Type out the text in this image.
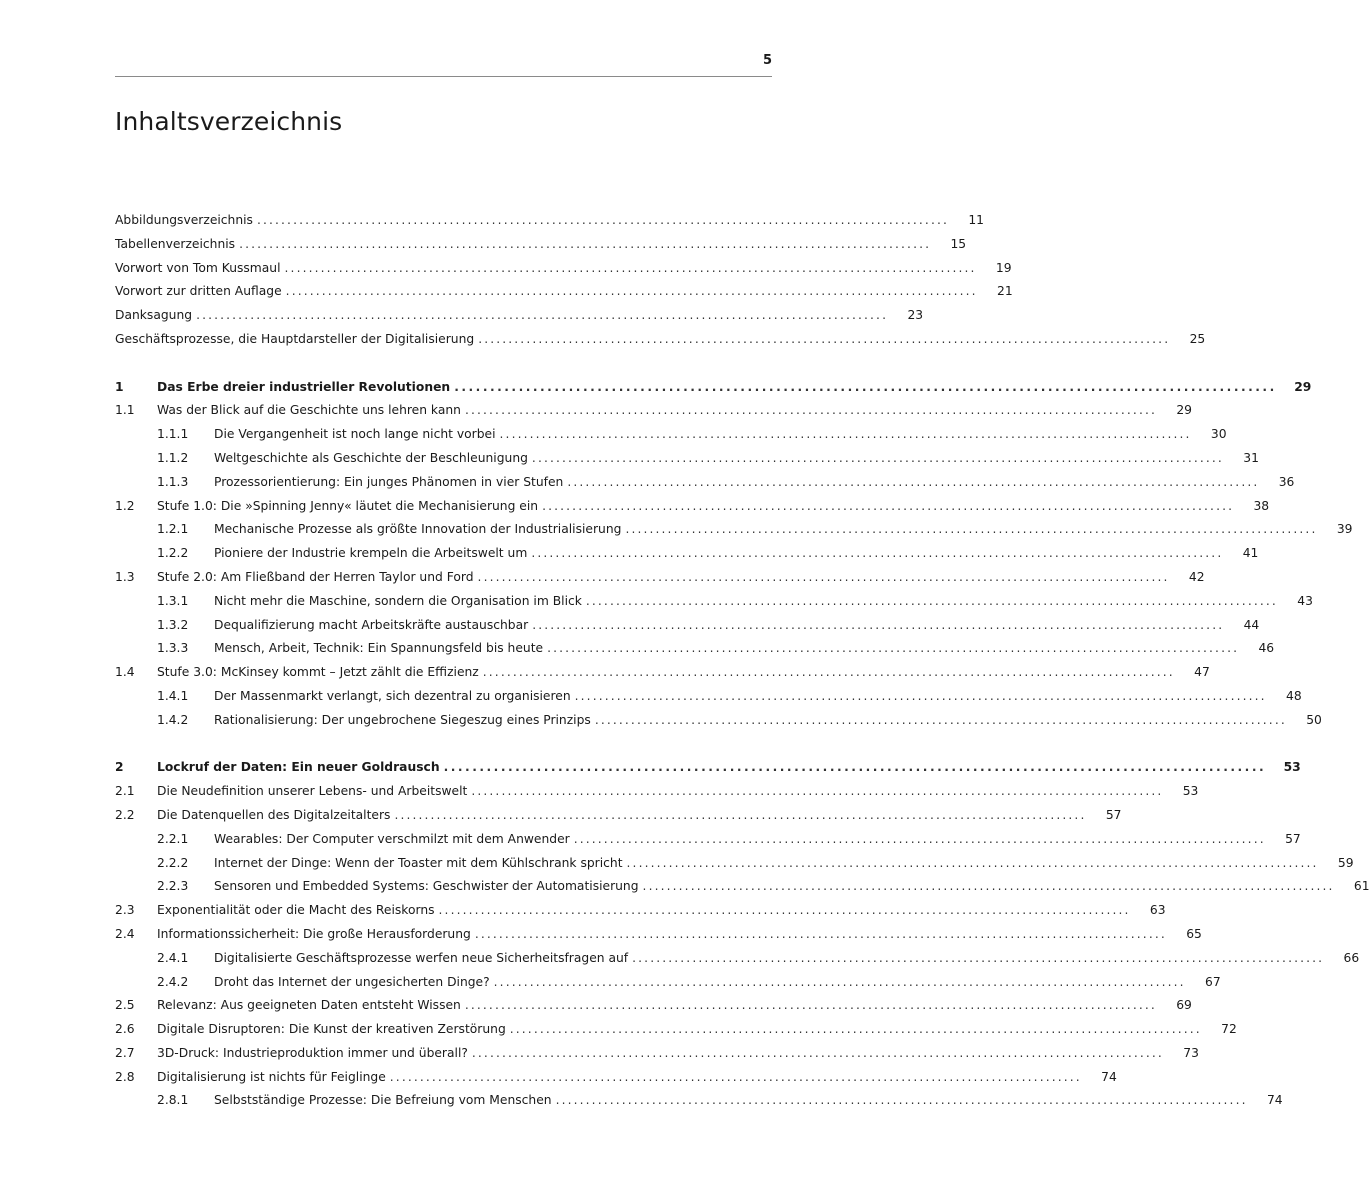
5
Inhaltsverzeichnis
Abbildungsverzeichnis . . .	11
Tabellenverzeichnis . . .	15
Vorwort von Tom Kussmaul . . .	19
Vorwort zur dritten Auflage . . .	21
Danksagung . . .	23
Geschäftsprozesse, die Hauptdarsteller der Digitalisierung . . .	25
1	Das Erbe dreier industrieller Revolutionen . . .	29
1.1	Was der Blick auf die Geschichte uns lehren kann . . .	29
1.1.1	Die Vergangenheit ist noch lange nicht vorbei . . .	30
1.1.2	Weltgeschichte als Geschichte der Beschleunigung . . .	31
1.1.3	Prozessorientierung: Ein junges Phänomen in vier Stufen . . .	36
1.2	Stufe 1.0: Die »Spinning Jenny« läutet die Mechanisierung ein . . .	38
1.2.1	Mechanische Prozesse als größte Innovation der Industrialisierung . . .	39
1.2.2	Pioniere der Industrie krempeln die Arbeitswelt um . . .	41
1.3	Stufe 2.0: Am Fließband der Herren Taylor und Ford . . .	42
1.3.1	Nicht mehr die Maschine, sondern die Organisation im Blick . . .	43
1.3.2	Dequalifizierung macht Arbeitskräfte austauschbar . . .	44
1.3.3	Mensch, Arbeit, Technik: Ein Spannungsfeld bis heute . . .	46
1.4	Stufe 3.0: McKinsey kommt – Jetzt zählt die Effizienz . . .	47
1.4.1	Der Massenmarkt verlangt, sich dezentral zu organisieren . . .	48
1.4.2	Rationalisierung: Der ungebrochene Siegeszug eines Prinzips . . .	50
2	Lockruf der Daten: Ein neuer Goldrausch . . .	53
2.1	Die Neudefinition unserer Lebens- und Arbeitswelt . . .	53
2.2	Die Datenquellen des Digitalzeitalters . . .	57
2.2.1	Wearables: Der Computer verschmilzt mit dem Anwender . . .	57
2.2.2	Internet der Dinge: Wenn der Toaster mit dem Kühlschrank spricht . . .	59
2.2.3	Sensoren und Embedded Systems: Geschwister der Automatisierung . . .	61
2.3	Exponentialität oder die Macht des Reiskorns . . .	63
2.4	Informationssicherheit: Die große Herausforderung . . .	65
2.4.1	Digitalisierte Geschäftsprozesse werfen neue Sicherheitsfragen auf . . .	66
2.4.2	Droht das Internet der ungesicherten Dinge? . . .	67
2.5	Relevanz: Aus geeigneten Daten entsteht Wissen . . .	69
2.6	Digitale Disruptoren: Die Kunst der kreativen Zerstörung . . .	72
2.7	3D-Druck: Industrieproduktion immer und überall? . . .	73
2.8	Digitalisierung ist nichts für Feiglinge . . .	74
2.8.1	Selbstständige Prozesse: Die Befreiung vom Menschen . . .	74
